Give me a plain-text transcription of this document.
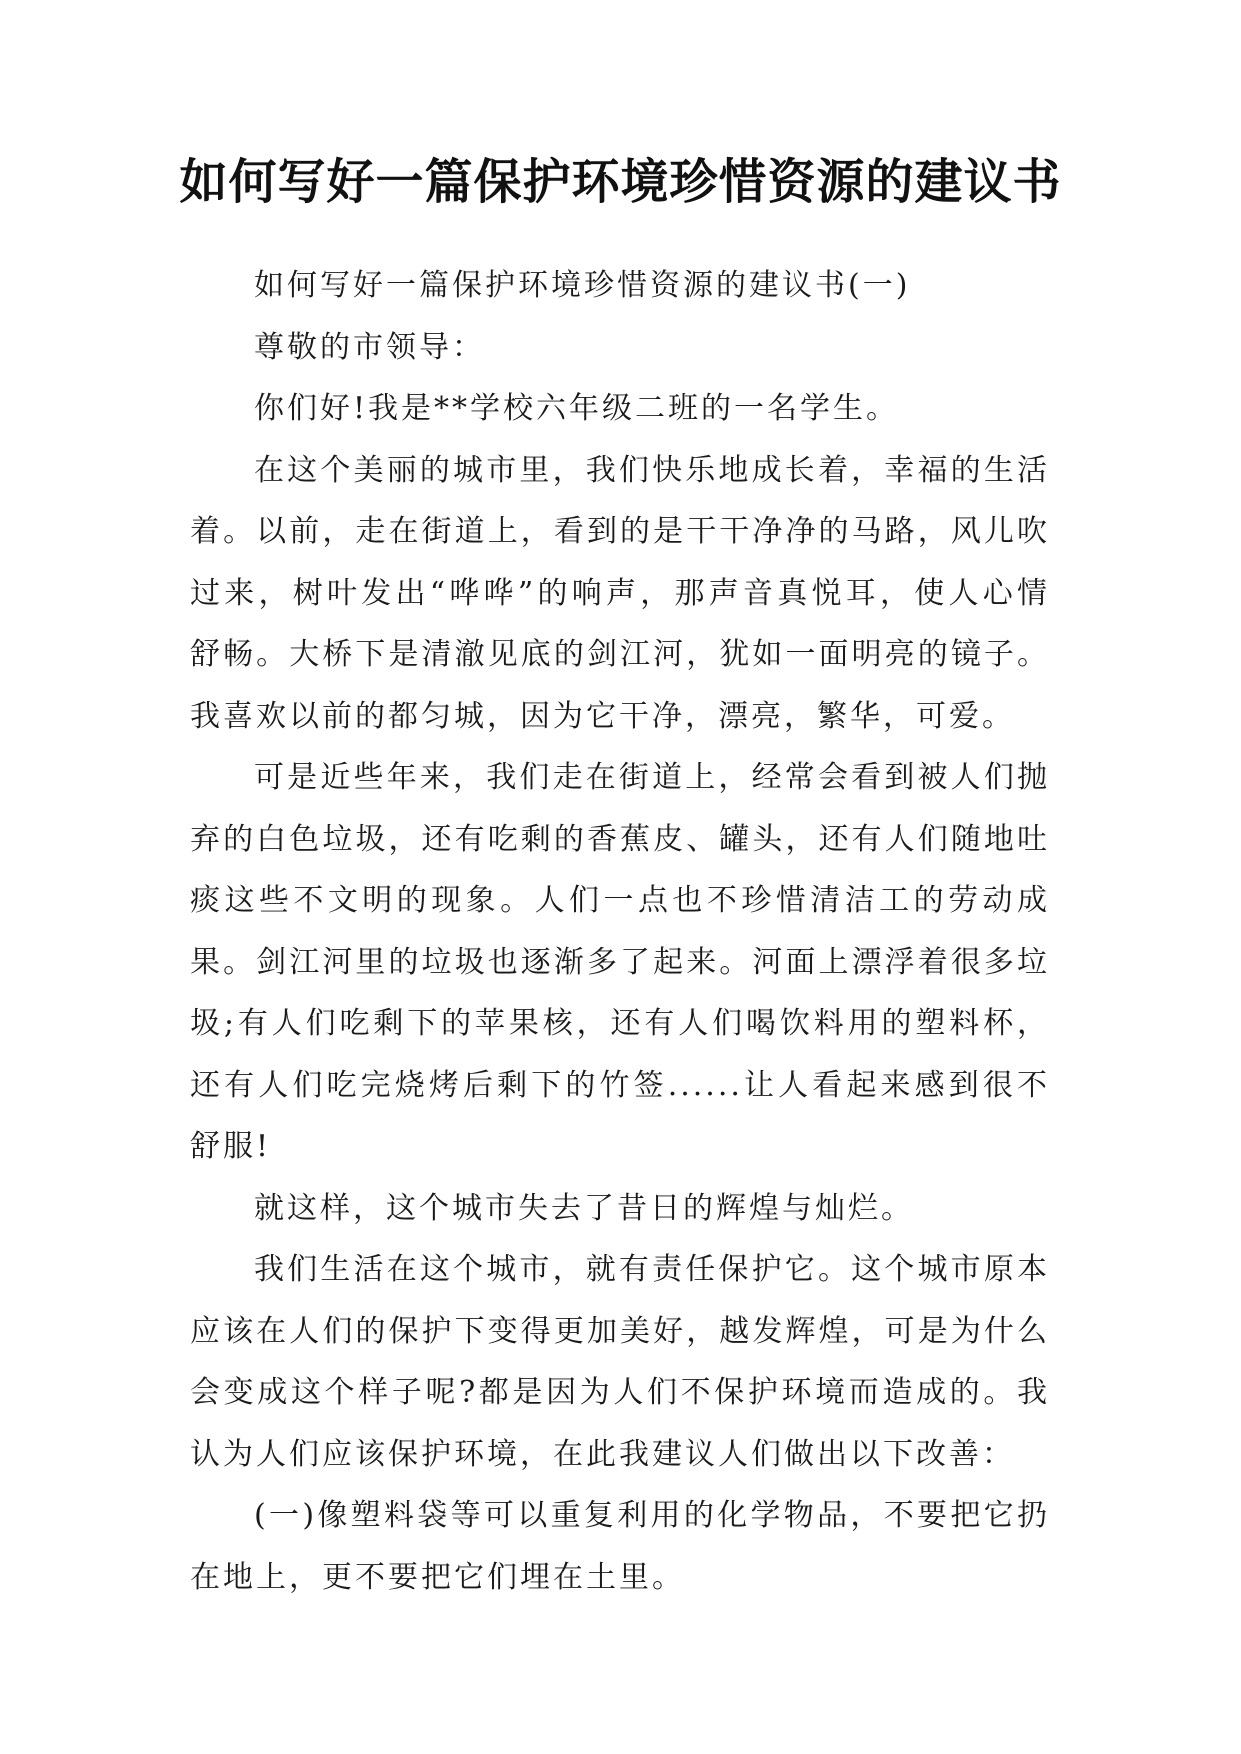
如何写好一篇保护环境珍惜资源的建议书

如何写好一篇保护环境珍惜资源的建议书(一)

尊敬的市领导：

你们好!我是**学校六年级二班的一名学生。

在这个美丽的城市里，我们快乐地成长着，幸福的生活着。以前，走在街道上，看到的是干干净净的马路，风儿吹过来，树叶发出“哗哗”的响声，那声音真悦耳，使人心情舒畅。大桥下是清澈见底的剑江河，犹如一面明亮的镜子。我喜欢以前的都匀城，因为它干净，漂亮，繁华，可爱。

可是近些年来，我们走在街道上，经常会看到被人们抛弃的白色垃圾，还有吃剩的香蕉皮、罐头，还有人们随地吐痰这些不文明的现象。人们一点也不珍惜清洁工的劳动成果。剑江河里的垃圾也逐渐多了起来。河面上漂浮着很多垃圾;有人们吃剩下的苹果核，还有人们喝饮料用的塑料杯，还有人们吃完烧烤后剩下的竹签......让人看起来感到很不舒服!

就这样，这个城市失去了昔日的辉煌与灿烂。

我们生活在这个城市，就有责任保护它。这个城市原本应该在人们的保护下变得更加美好，越发辉煌，可是为什么会变成这个样子呢?都是因为人们不保护环境而造成的。我认为人们应该保护环境，在此我建议人们做出以下改善：

(一)像塑料袋等可以重复利用的化学物品，不要把它扔在地上，更不要把它们埋在土里。
